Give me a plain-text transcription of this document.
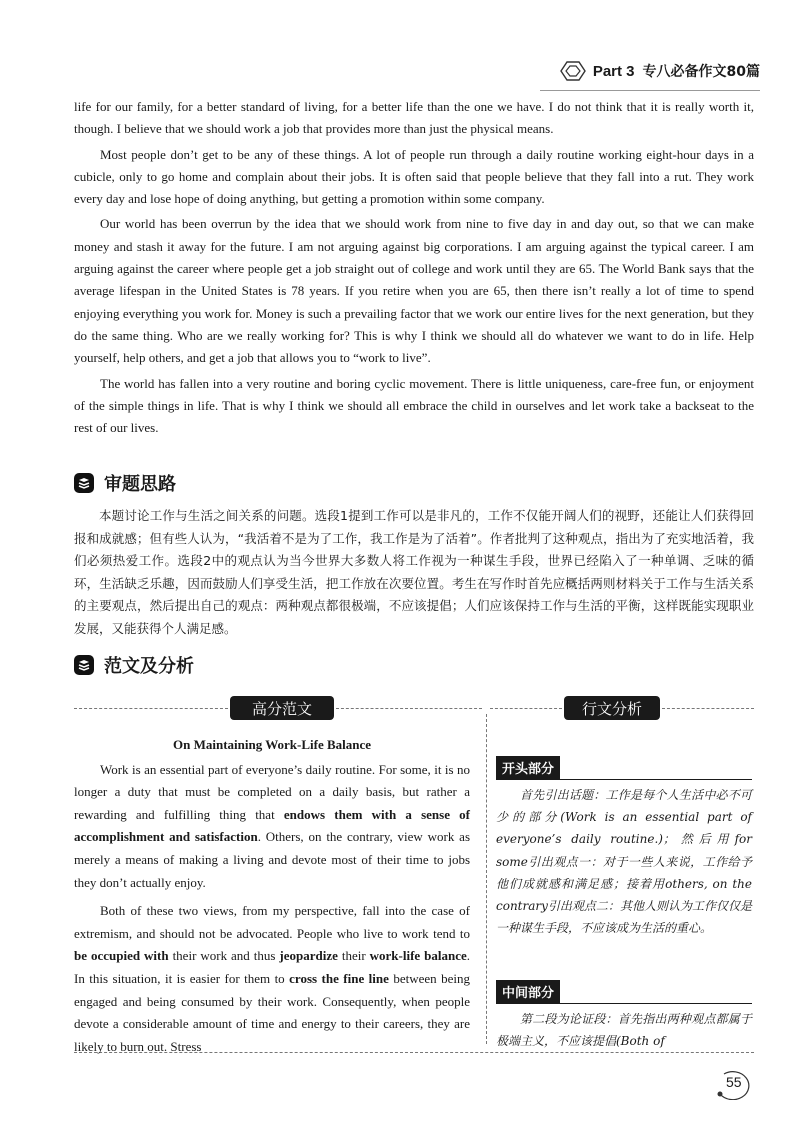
Part 3 专八必备作文80篇

life for our family, for a better standard of living, for a better life than the one we have. I do not think that it is really worth it, though. I believe that we should work a job that provides more than just the physical means.

Most people don’t get to be any of these things. A lot of people run through a daily routine working eight-hour days in a cubicle, only to go home and complain about their jobs. It is often said that people believe that they fall into a rut. They work every day and lose hope of doing anything, but getting a promotion within some company.

Our world has been overrun by the idea that we should work from nine to five day in and day out, so that we can make money and stash it away for the future. I am not arguing against big corporations. I am arguing against the typical career. I am arguing against the career where people get a job straight out of college and work until they are 65. The World Bank says that the average lifespan in the United States is 78 years. If you retire when you are 65, then there isn’t really a lot of time to spend enjoying everything you work for. Money is such a prevailing factor that we work our entire lives for the next generation, but they do the same thing. Who are we really working for? This is why I think we should all do whatever we want to do in life. Help yourself, help others, and get a job that allows you to “work to live”.

The world has fallen into a very routine and boring cyclic movement. There is little uniqueness, care-free fun, or enjoyment of the simple things in life. That is why I think we should all embrace the child in ourselves and let work take a backseat to the rest of our lives.

审题思路

本题讨论工作与生活之间关系的问题。选段1提到工作可以是非凡的，工作不仅能开阔人们的视野，还能让人们获得回报和成就感；但有些人认为，“我活着不是为了工作，我工作是为了活着”。作者批判了这种观点，指出为了充实地活着，我们必须热爱工作。选段2中的观点认为当今世界大多数人将工作视为一种谋生手段，世界已经陷入了一种单调、乏味的循环，生活缺乏乐趣，因而鼓励人们享受生活，把工作放在次要位置。考生在写作时首先应概括两则材料关于工作与生活关系的主要观点，然后提出自己的观点：两种观点都很极端，不应该提倡；人们应该保持工作与生活的平衡，这样既能实现职业发展，又能获得个人满足感。

范文及分析
高分范文	行文分析
On Maintaining Work-Life Balance

Work is an essential part of everyone’s daily routine. For some, it is no longer a duty that must be completed on a daily basis, but rather a rewarding and fulfilling thing that endows them with a sense of accomplishment and satisfaction. Others, on the contrary, view work as merely a means of making a living and devote most of their time to jobs they don’t actually enjoy.

Both of these two views, from my perspective, fall into the case of extremism, and should not be advocated. People who live to work tend to be occupied with their work and thus jeopardize their work-life balance. In this situation, it is easier for them to cross the fine line between being engaged and being consumed by their work. Consequently, when people devote a considerable amount of time and energy to their careers, they are likely to burn out. Stress

开头部分

首先引出话题：工作是每个人生活中必不可少的部分(Work is an essential part of everyone’s daily routine.)；然后用for some引出观点一：对于一些人来说，工作给予他们成就感和满足感；接着用others, on the contrary引出观点二：其他人则认为工作仅仅是一种谋生手段，不应该成为生活的重心。

中间部分

第二段为论证段：首先指出两种观点都属于极端主义，不应该提倡(Both of

55
